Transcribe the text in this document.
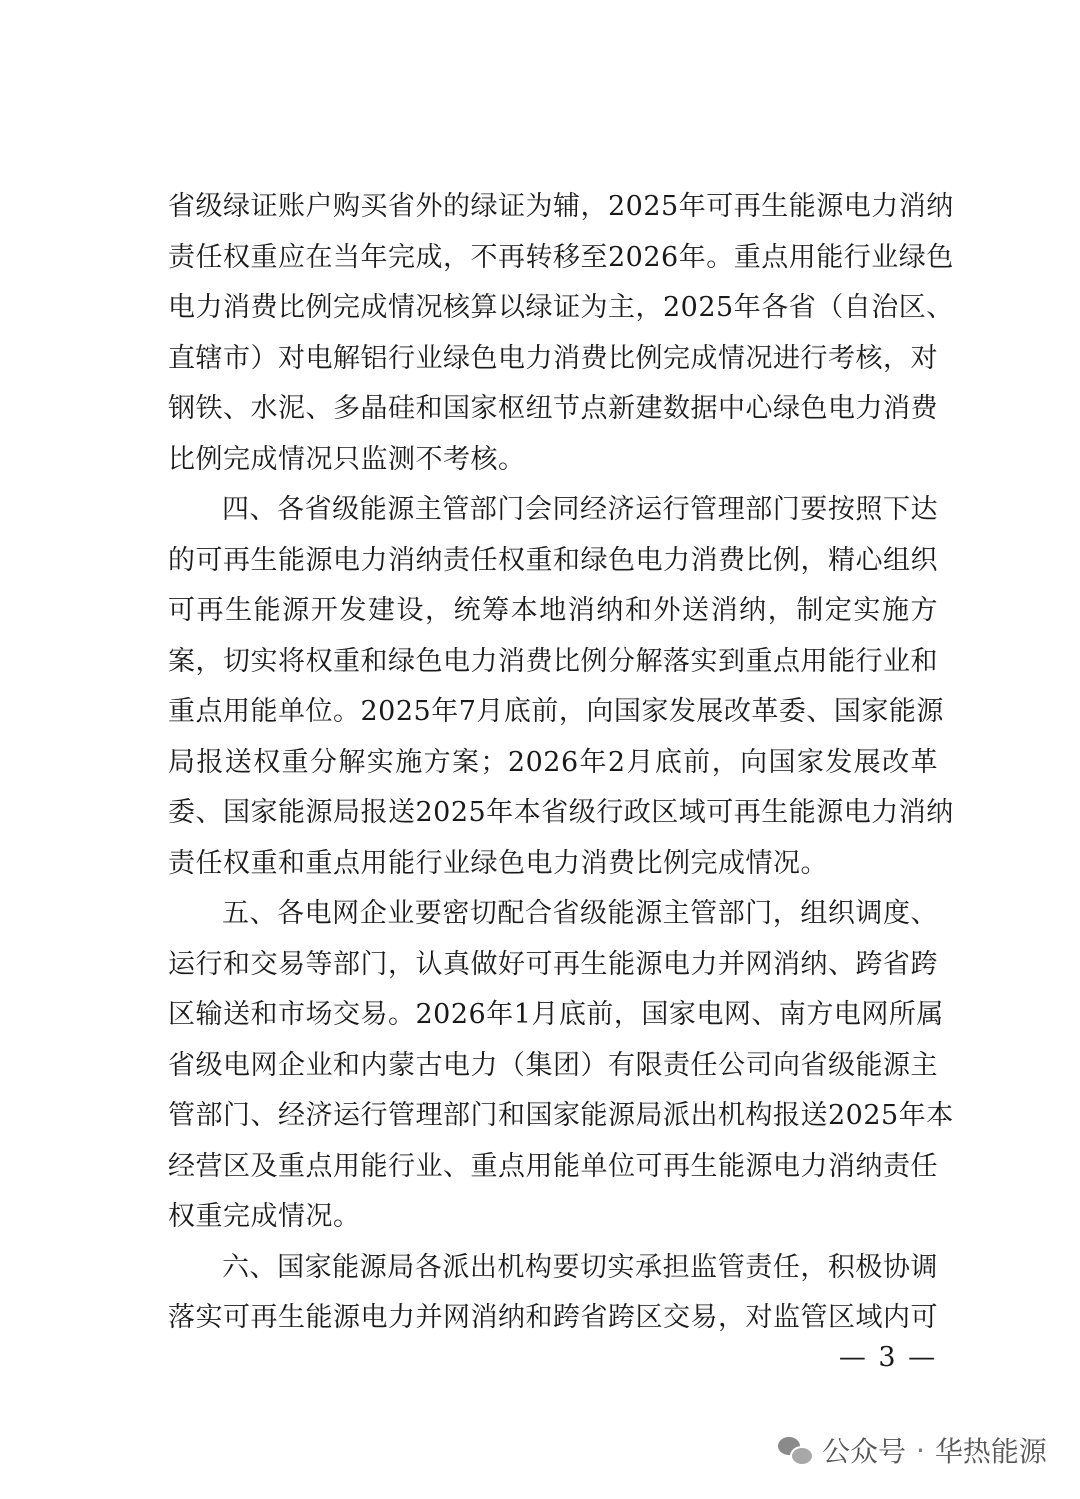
省级绿证账户购买省外的绿证为辅，2025年可再生能源电力消纳
责任权重应在当年完成，不再转移至2026年。重点用能行业绿色
电力消费比例完成情况核算以绿证为主，2025年各省（自治区、
直辖市）对电解铝行业绿色电力消费比例完成情况进行考核，对
钢铁、水泥、多晶硅和国家枢纽节点新建数据中心绿色电力消费
比例完成情况只监测不考核。
四、各省级能源主管部门会同经济运行管理部门要按照下达
的可再生能源电力消纳责任权重和绿色电力消费比例，精心组织
可再生能源开发建设，统筹本地消纳和外送消纳，制定实施方
案，切实将权重和绿色电力消费比例分解落实到重点用能行业和
重点用能单位。2025年7月底前，向国家发展改革委、国家能源
局报送权重分解实施方案；2026年2月底前，向国家发展改革
委、国家能源局报送2025年本省级行政区域可再生能源电力消纳
责任权重和重点用能行业绿色电力消费比例完成情况。
五、各电网企业要密切配合省级能源主管部门，组织调度、
运行和交易等部门，认真做好可再生能源电力并网消纳、跨省跨
区输送和市场交易。2026年1月底前，国家电网、南方电网所属
省级电网企业和内蒙古电力（集团）有限责任公司向省级能源主
管部门、经济运行管理部门和国家能源局派出机构报送2025年本
经营区及重点用能行业、重点用能单位可再生能源电力消纳责任
权重完成情况。
六、国家能源局各派出机构要切实承担监管责任，积极协调
落实可再生能源电力并网消纳和跨省跨区交易，对监管区域内可
— 3 —
公众号 · 华热能源
